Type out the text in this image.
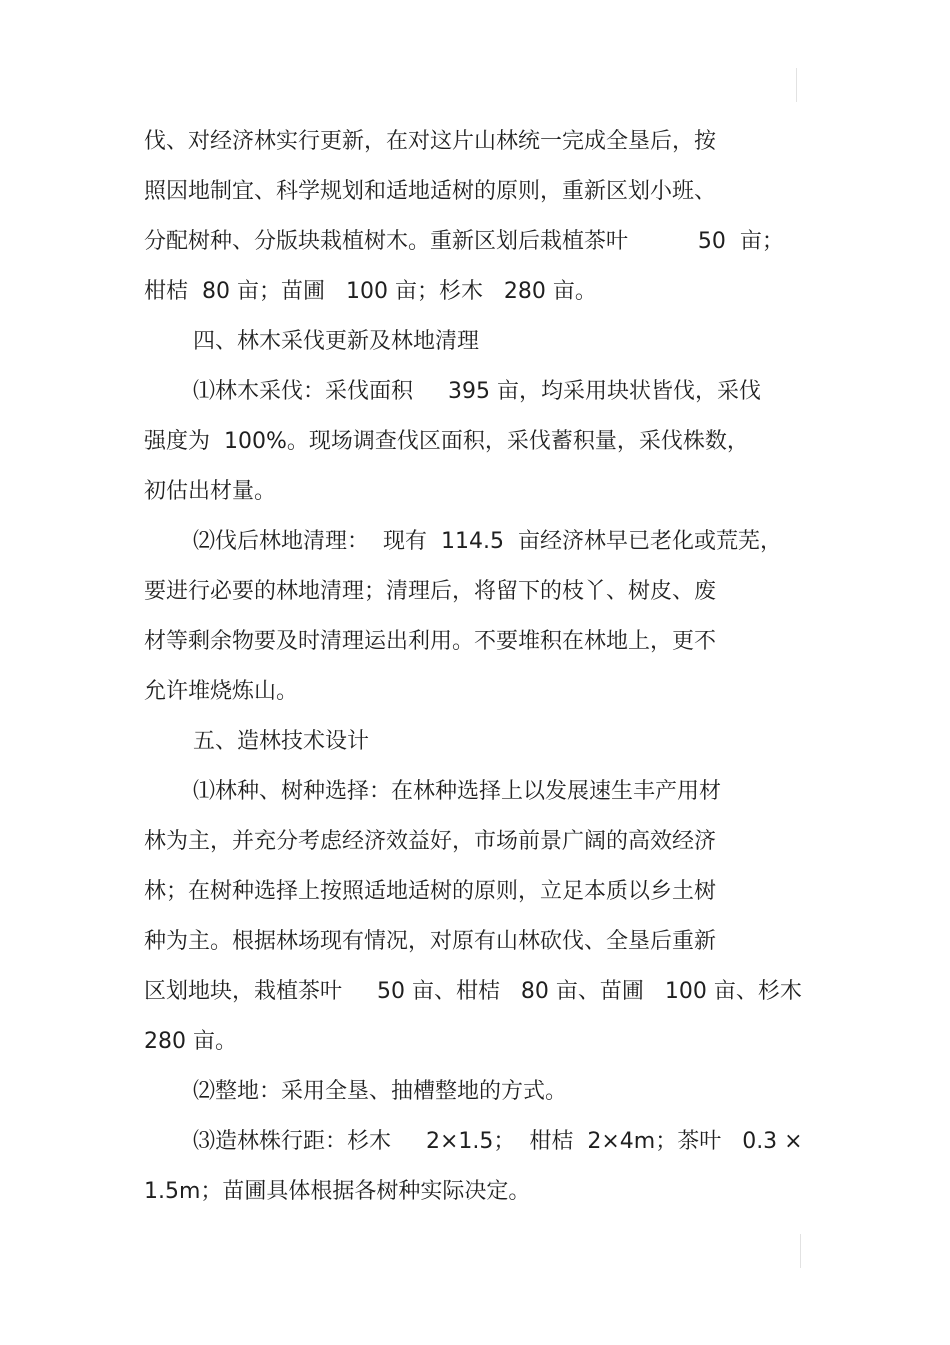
伐、对经济林实行更新，在对这片山林统一完成全垦后，按

照因地制宜、科学规划和适地适树的原则，重新区划小班、

分配树种、分版块栽植树木。重新区划后栽植茶叶          50  亩；

柑桔  80 亩；苗圃   100 亩；杉木   280 亩。

四、林木采伐更新及林地清理

⑴林木采伐：采伐面积     395 亩，均采用块状皆伐，采伐

强度为  100%。现场调查伐区面积，采伐蓄积量，采伐株数，

初估出材量。

⑵伐后林地清理：  现有  114.5  亩经济林早已老化或荒芜，

要进行必要的林地清理；清理后，将留下的枝丫、树皮、废

材等剩余物要及时清理运出利用。不要堆积在林地上，更不

允许堆烧炼山。

五、造林技术设计

⑴林种、树种选择：在林种选择上以发展速生丰产用材

林为主，并充分考虑经济效益好，市场前景广阔的高效经济

林；在树种选择上按照适地适树的原则，立足本质以乡土树

种为主。根据林场现有情况，对原有山林砍伐、全垦后重新

区划地块，栽植茶叶     50 亩、柑桔   80 亩、苗圃   100 亩、杉木

280 亩。

⑵整地：采用全垦、抽槽整地的方式。

⑶造林株行距：杉木     2×1.5；  柑桔  2×4m；茶叶   0.3 ×

1.5m；苗圃具体根据各树种实际决定。
